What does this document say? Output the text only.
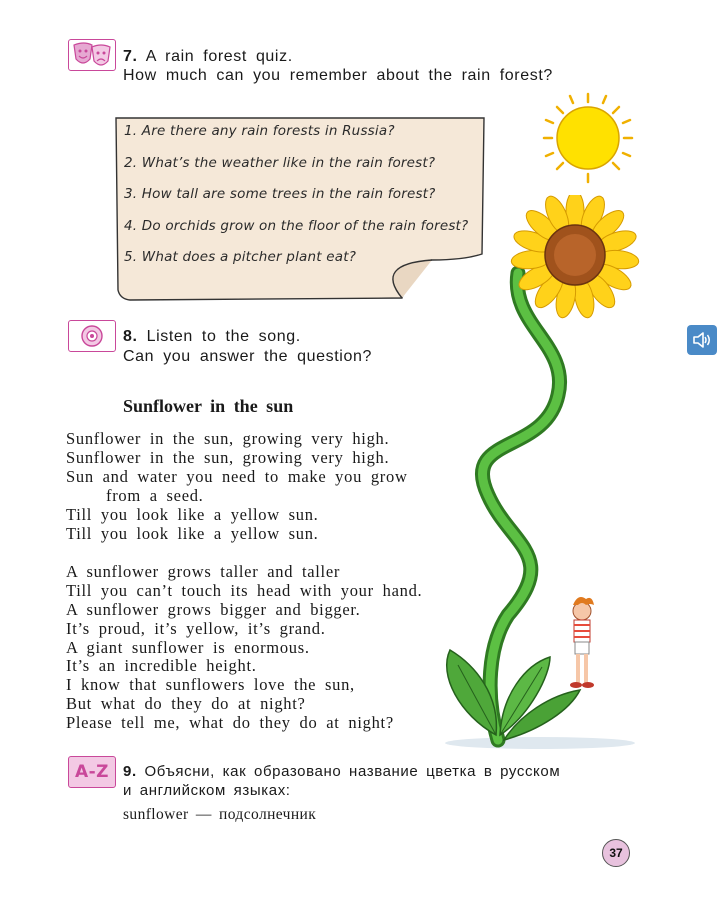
7. A rain forest quiz.
How much can you remember about the rain forest?
1. Are there any rain forests in Russia?
2. What’s the weather like in the rain forest?
3. How tall are some trees in the rain forest?
4. Do orchids grow on the floor of the rain forest?
5. What does a pitcher plant eat?
8. Listen to the song.
Can you answer the question?
Sunflower in the sun
Sunflower in the sun, growing very high.
Sunflower in the sun, growing very high.
Sun and water you need to make you grow
from a seed.
Till you look like a yellow sun.
Till you look like a yellow sun.
A sunflower grows taller and taller
Till you can’t touch its head with your hand.
A sunflower grows bigger and bigger.
It’s proud, it’s yellow, it’s grand.
A giant sunflower is enormous.
It’s an incredible height.
I know that sunflowers love the sun,
But what do they do at night?
Please tell me, what do they do at night?
A-Z 9. Объясни, как образовано название цветка в русском
и английском языках:
sunflower — подсолнечник
37
